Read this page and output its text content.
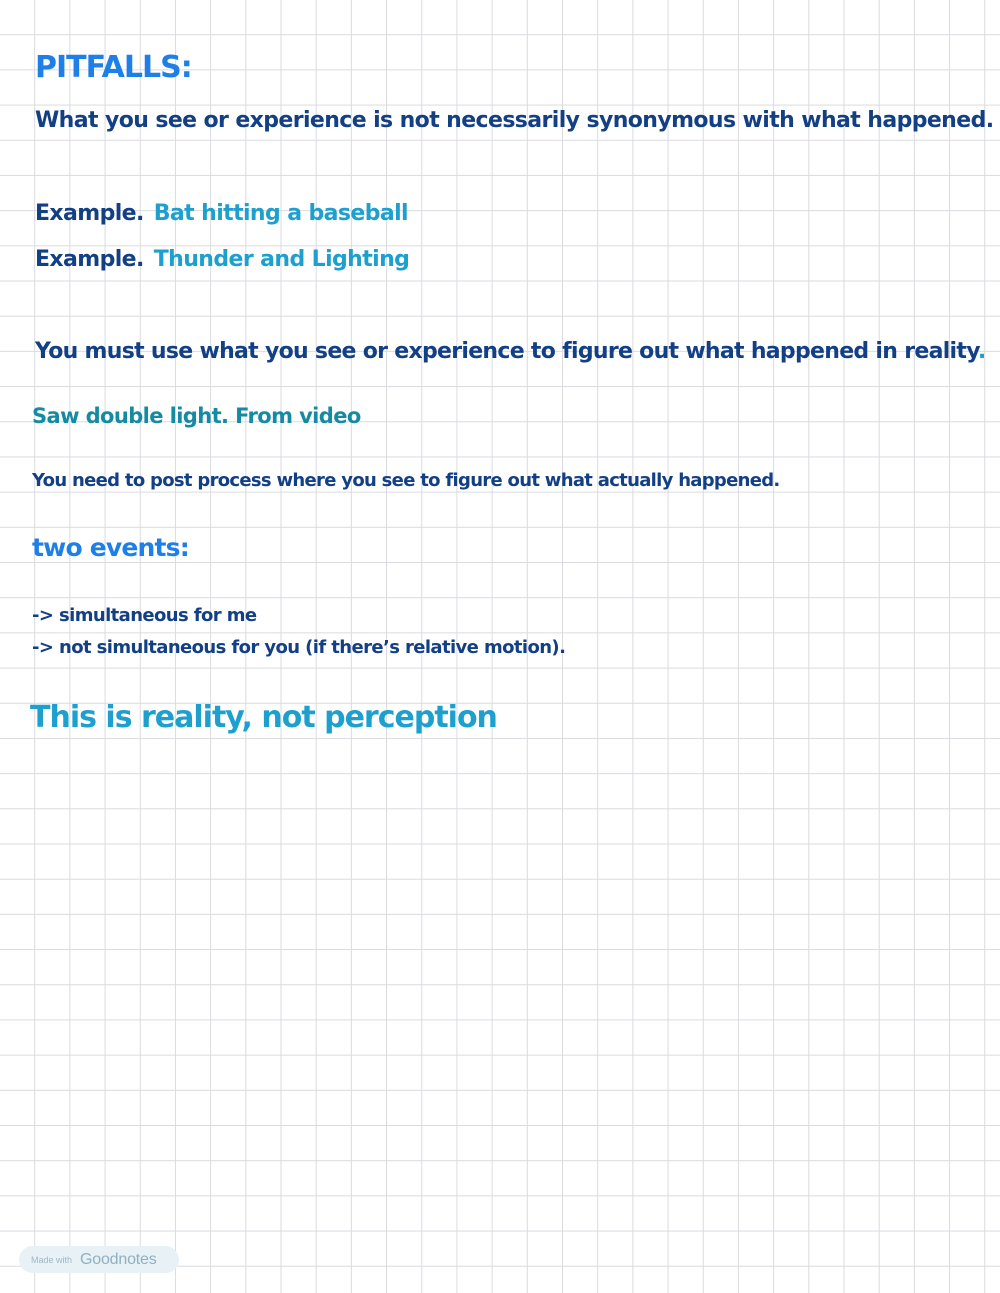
PITFALLS:

What you see or experience is not necessarily synonymous with what happened.

Example. Bat hitting a baseball

Example. Thunder and Lighting

You must use what you see or experience to figure out what happened in reality.

Saw double light. From video

You need to post process where you see to figure out what actually happened.

two events:

-> simultaneous for me

-> not simultaneous for you (if there’s relative motion).

This is reality, not perception

Made with Goodnotes
